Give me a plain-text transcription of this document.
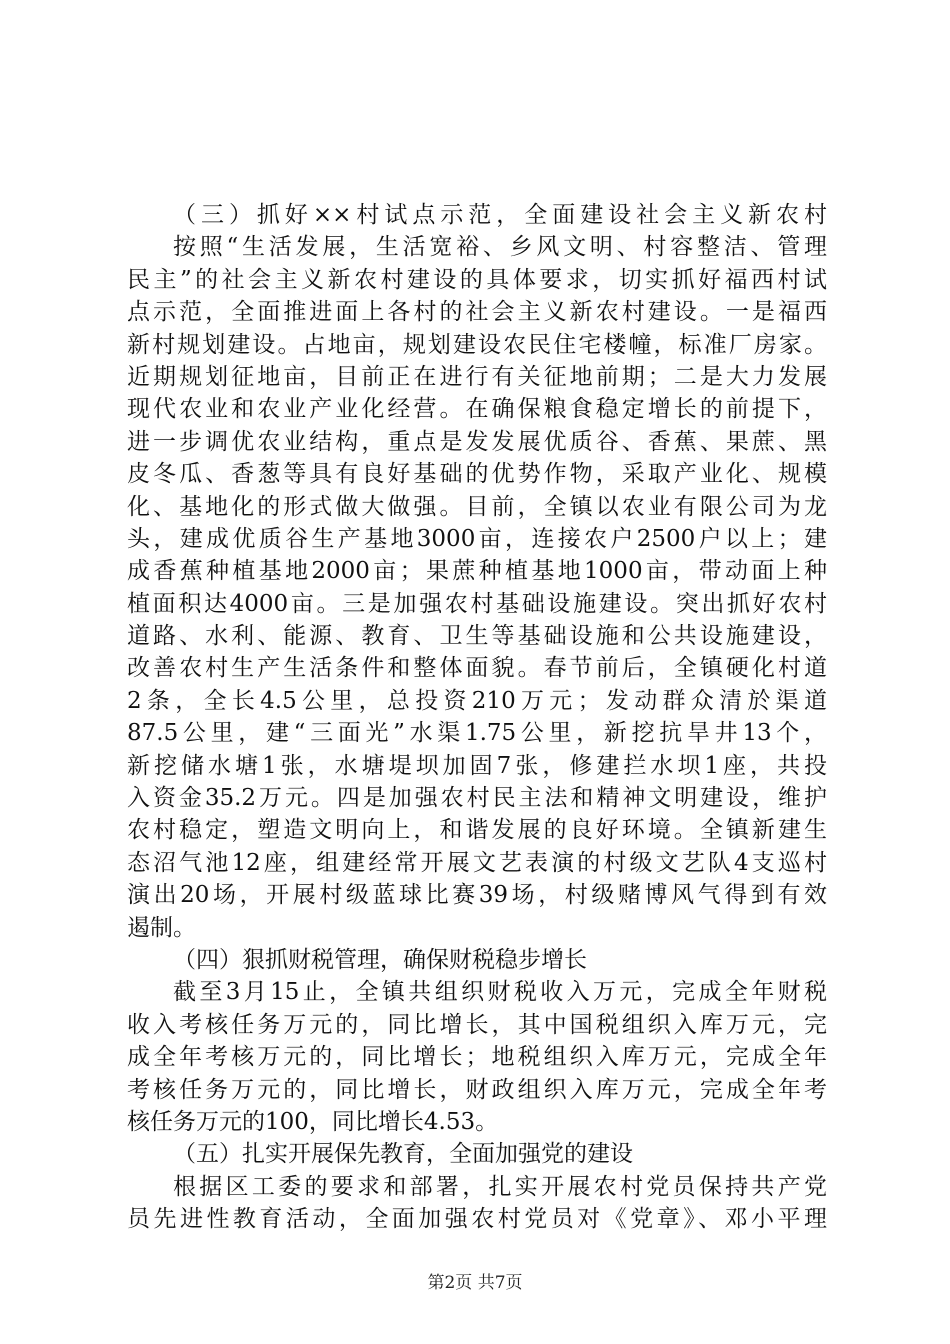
（三）抓好××村试点示范，全面建设社会主义新农村
按照“生活发展，生活宽裕、乡风文明、村容整洁、管理
民主”的社会主义新农村建设的具体要求，切实抓好福西村试
点示范，全面推进面上各村的社会主义新农村建设。一是福西
新村规划建设。占地亩，规划建设农民住宅楼幢，标准厂房家。
近期规划征地亩，目前正在进行有关征地前期；二是大力发展
现代农业和农业产业化经营。在确保粮食稳定增长的前提下，
进一步调优农业结构，重点是发发展优质谷、香蕉、果蔗、黑
皮冬瓜、香葱等具有良好基础的优势作物，采取产业化、规模
化、基地化的形式做大做强。目前，全镇以农业有限公司为龙
头，建成优质谷生产基地3000亩，连接农户2500户以上；建
成香蕉种植基地2000亩；果蔗种植基地1000亩，带动面上种
植面积达4000亩。三是加强农村基础设施建设。突出抓好农村
道路、水利、能源、教育、卫生等基础设施和公共设施建设，
改善农村生产生活条件和整体面貌。春节前后，全镇硬化村道
2条，全长4.5公里，总投资210万元；发动群众清於渠道
87.5公里，建“三面光”水渠1.75公里，新挖抗旱井13个，
新挖储水塘1张，水塘堤坝加固7张，修建拦水坝1座，共投
入资金35.2万元。四是加强农村民主法和精神文明建设，维护
农村稳定，塑造文明向上，和谐发展的良好环境。全镇新建生
态沼气池12座，组建经常开展文艺表演的村级文艺队4支巡村
演出20场，开展村级蓝球比赛39场，村级赌博风气得到有效
遏制。
（四）狠抓财税管理，确保财税稳步增长
截至3月15止，全镇共组织财税收入万元，完成全年财税
收入考核任务万元的，同比增长，其中国税组织入库万元，完
成全年考核万元的，同比增长；地税组织入库万元，完成全年
考核任务万元的，同比增长，财政组织入库万元，完成全年考
核任务万元的100，同比增长4.53。
（五）扎实开展保先教育，全面加强党的建设
根据区工委的要求和部署，扎实开展农村党员保持共产党
员先进性教育活动，全面加强农村党员对《党章》、邓小平理
第2页 共7页
